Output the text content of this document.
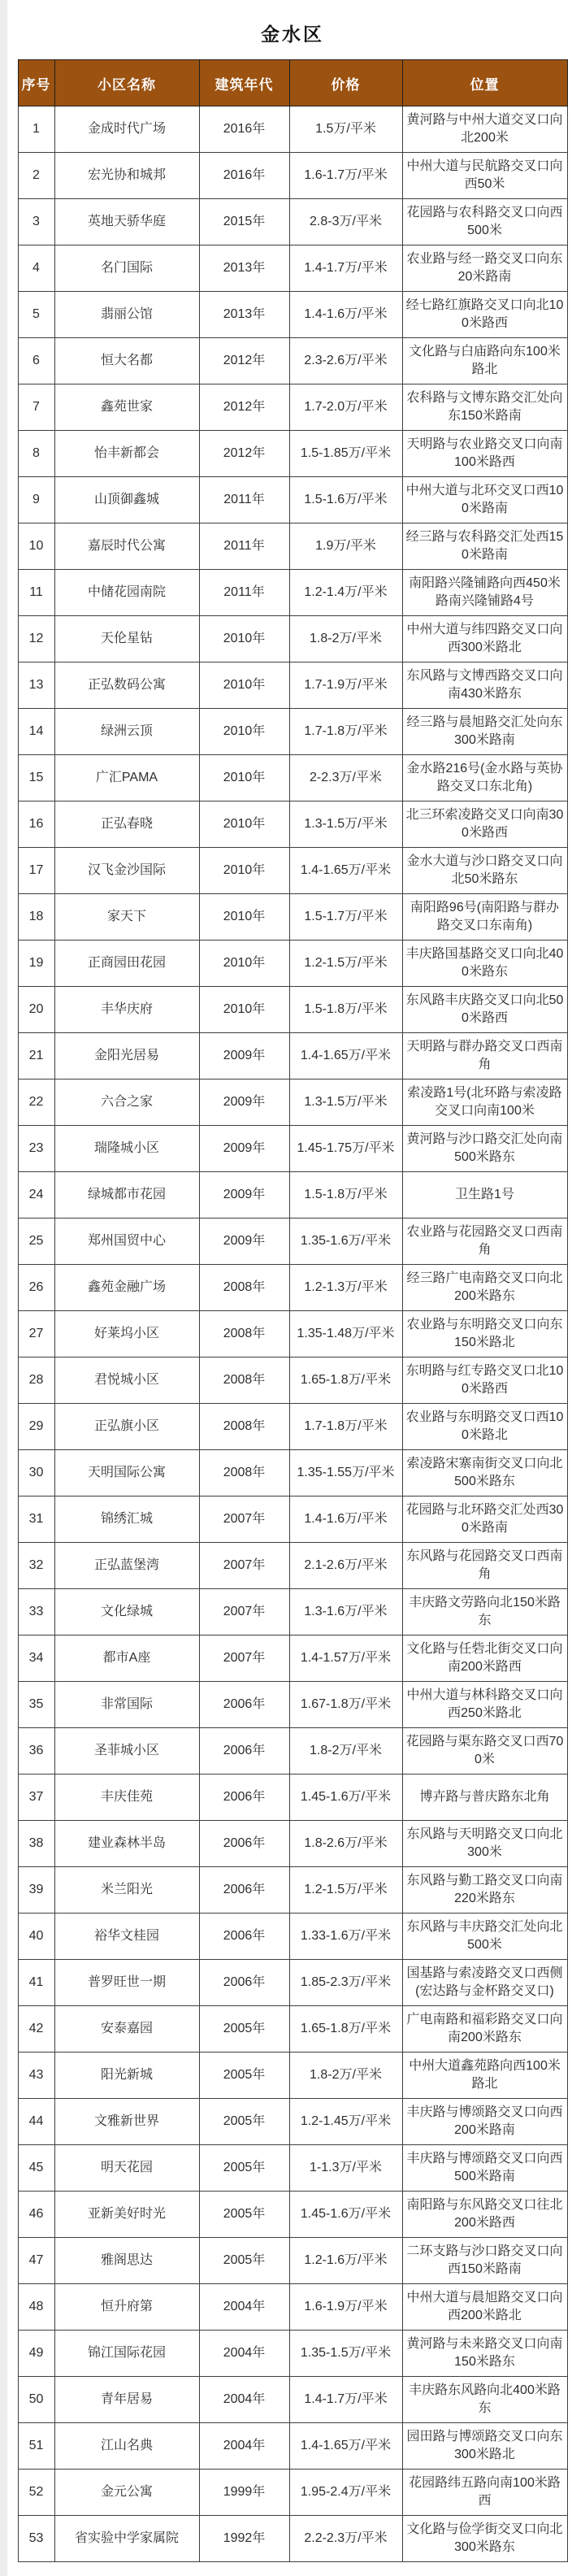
金水区
序号	小区名称	建筑年代	价格	位置

1	金成时代广场	2016年	1.5万/平米	黄河路与中州大道交叉口向北200米

2	宏光协和城邦	2016年	1.6-1.7万/平米	中州大道与民航路交叉口向西50米

3	英地天骄华庭	2015年	2.8-3万/平米	花园路与农科路交叉口向西500米

4	名门国际	2013年	1.4-1.7万/平米	农业路与经一路交叉口向东20米路南

5	翡丽公馆	2013年	1.4-1.6万/平米	经七路红旗路交叉口向北100米路西

6	恒大名都	2012年	2.3-2.6万/平米	文化路与白庙路向东100米路北

7	鑫苑世家	2012年	1.7-2.0万/平米	农科路与文博东路交汇处向东150米路南

8	怡丰新都会	2012年	1.5-1.85万/平米	天明路与农业路交叉口向南100米路西

9	山顶御鑫城	2011年	1.5-1.6万/平米	中州大道与北环交叉口西100米路南

10	嘉辰时代公寓	2011年	1.9万/平米	经三路与农科路交汇处西150米路南

11	中储花园南院	2011年	1.2-1.4万/平米	南阳路兴隆铺路向西450米路南兴隆铺路4号

12	天伦星钻	2010年	1.8-2万/平米	中州大道与纬四路交叉口向西300米路北

13	正弘数码公寓	2010年	1.7-1.9万/平米	东风路与文博西路交叉口向南430米路东

14	绿洲云顶	2010年	1.7-1.8万/平米	经三路与晨旭路交汇处向东300米路南

15	广汇PAMA	2010年	2-2.3万/平米	金水路216号(金水路与英协路交叉口东北角)

16	正弘春晓	2010年	1.3-1.5万/平米	北三环索凌路交叉口向南300米路西

17	汉飞金沙国际	2010年	1.4-1.65万/平米	金水大道与沙口路交叉口向北50米路东

18	家天下	2010年	1.5-1.7万/平米	南阳路96号(南阳路与群办路交叉口东南角)

19	正商园田花园	2010年	1.2-1.5万/平米	丰庆路国基路交叉口向北400米路东

20	丰华庆府	2010年	1.5-1.8万/平米	东风路丰庆路交叉口向北500米路西

21	金阳光居易	2009年	1.4-1.65万/平米	天明路与群办路交叉口西南角

22	六合之家	2009年	1.3-1.5万/平米	索凌路1号(北环路与索凌路交叉口向南100米

23	瑞隆城小区	2009年	1.45-1.75万/平米	黄河路与沙口路交汇处向南500米路东

24	绿城都市花园	2009年	1.5-1.8万/平米	卫生路1号

25	郑州国贸中心	2009年	1.35-1.6万/平米	农业路与花园路交叉口西南角

26	鑫苑金融广场	2008年	1.2-1.3万/平米	经三路广电南路交叉口向北200米路东

27	好莱坞小区	2008年	1.35-1.48万/平米	农业路与东明路交叉口向东150米路北

28	君悦城小区	2008年	1.65-1.8万/平米	东明路与红专路交叉口北100米路西

29	正弘旗小区	2008年	1.7-1.8万/平米	农业路与东明路交叉口西100米路北

30	天明国际公寓	2008年	1.35-1.55万/平米	索凌路宋寨南街交叉口向北500米路东

31	锦绣汇城	2007年	1.4-1.6万/平米	花园路与北环路交汇处西300米路南

32	正弘蓝堡湾	2007年	2.1-2.6万/平米	东风路与花园路交叉口西南角

33	文化绿城	2007年	1.3-1.6万/平米	丰庆路文劳路向北150米路东

34	都市A座	2007年	1.4-1.57万/平米	文化路与任砦北街交叉口向南200米路西

35	非常国际	2006年	1.67-1.8万/平米	中州大道与林科路交叉口向西250米路北

36	圣菲城小区	2006年	1.8-2万/平米	花园路与渠东路交叉口西700米

37	丰庆佳苑	2006年	1.45-1.6万/平米	博卉路与普庆路东北角

38	建业森林半岛	2006年	1.8-2.6万/平米	东风路与天明路交叉口向北300米

39	米兰阳光	2006年	1.2-1.5万/平米	东风路与勤工路交叉口向南220米路东

40	裕华文桂园	2006年	1.33-1.6万/平米	东风路与丰庆路交汇处向北500米

41	普罗旺世一期	2006年	1.85-2.3万/平米	国基路与索凌路交叉口西侧(宏达路与金杯路交叉口)

42	安泰嘉园	2005年	1.65-1.8万/平米	广电南路和福彩路交叉口向南200米路东

43	阳光新城	2005年	1.8-2万/平米	中州大道鑫苑路向西100米路北

44	文雅新世界	2005年	1.2-1.45万/平米	丰庆路与博颂路交叉口向西200米路南

45	明天花园	2005年	1-1.3万/平米	丰庆路与博颂路交叉口向西500米路南

46	亚新美好时光	2005年	1.45-1.6万/平米	南阳路与东风路交叉口往北200米路西

47	雅阁思达	2005年	1.2-1.6万/平米	二环支路与沙口路交叉口向西150米路南

48	恒升府第	2004年	1.6-1.9万/平米	中州大道与晨旭路交叉口向西200米路北

49	锦江国际花园	2004年	1.35-1.5万/平米	黄河路与未来路交叉口向南150米路东

50	青年居易	2004年	1.4-1.7万/平米	丰庆路东风路向北400米路东

51	江山名典	2004年	1.4-1.65万/平米	园田路与博颂路交叉口向东300米路北

52	金元公寓	1999年	1.95-2.4万/平米	花园路纬五路向南100米路西

53	省实验中学家属院	1992年	2.2-2.3万/平米	文化路与俭学街交叉口向北300米路东
